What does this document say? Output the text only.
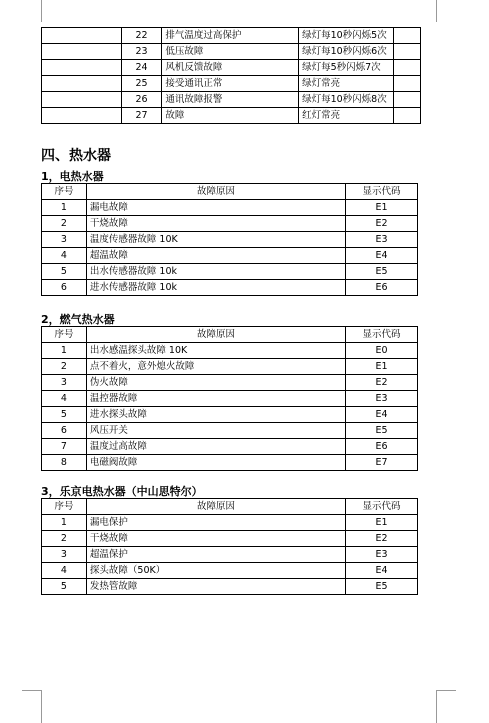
	22	排气温度过高保护	绿灯每10秒闪烁5次	
	23	低压故障	绿灯每10秒闪烁6次	
	24	风机反馈故障	绿灯每5秒闪烁7次	
	25	接受通讯正常	绿灯常亮	
	26	通讯故障报警	绿灯每10秒闪烁8次	
	27	故障	红灯常亮	
四、热水器
1，电热水器
序号	故障原因	显示代码
1	漏电故障	E1
2	干烧故障	E2
3	温度传感器故障 10K	E3
4	超温故障	E4
5	出水传感器故障 10k	E5
6	进水传感器故障 10k	E6
2，燃气热水器
序号	故障原因	显示代码
1	出水感温探头故障 10K	E0
2	点不着火，意外熄火故障	E1
3	伪火故障	E2
4	温控器故障	E3
5	进水探头故障	E4
6	风压开关	E5
7	温度过高故障	E6
8	电磁阀故障	E7
3，乐京电热水器（中山思特尔）
序号	故障原因	显示代码
1	漏电保护	E1
2	干烧故障	E2
3	超温保护	E3
4	探头故障（50K）	E4
5	发热管故障	E5
